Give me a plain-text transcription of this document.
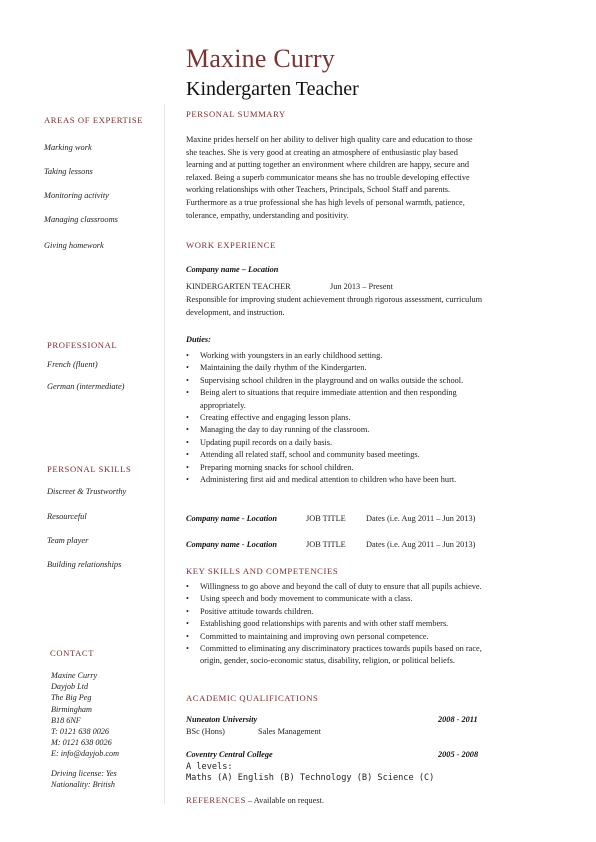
Maxine Curry
Kindergarten Teacher
AREAS OF EXPERTISE
Marking work
Taking lessons
Monitoring activity
Managing classrooms
Giving homework
PROFESSIONAL
French (fluent)
German (intermediate)
PERSONAL SKILLS
Discreet & Trustworthy
Resourceful
Team player
Building relationships
CONTACT
Maxine Curry
Dayjob Ltd
The Big Peg
Birmingham
B18 6NF
T: 0121 638 0026
M: 0121 638 0026
E: info@dayjob.com
Driving license: Yes
Nationality: British
PERSONAL SUMMARY
Maxine prides herself on her ability to deliver high quality care and education to those
she teaches. She is very good at creating an atmosphere of enthusiastic play based
learning and at putting together an environment where children are happy, secure and
relaxed. Being a superb communicator means she has no trouble developing effective
working relationships with other Teachers, Principals, School Staff and parents.
Furthermore as a true professional she has high levels of personal warmth, patience,
tolerance, empathy, understanding and positivity.
WORK EXPERIENCE
Company name – Location
KINDERGARTEN TEACHER	Jun 2013 – Present
Responsible for improving student achievement through rigorous assessment, curriculum
development, and instruction.
Duties:
• Working with youngsters in an early childhood setting.
• Maintaining the daily rhythm of the Kindergarten.
• Supervising school children in the playground and on walks outside the school.
• Being alert to situations that require immediate attention and then responding
appropriately.
• Creating effective and engaging lesson plans.
• Managing the day to day running of the classroom.
• Updating pupil records on a daily basis.
• Attending all related staff, school and community based meetings.
• Preparing morning snacks for school children.
• Administering first aid and medical attention to children who have been hurt.
Company name - Location	JOB TITLE Dates (i.e. Aug 2011 – Jun 2013)
Company name - Location	JOB TITLE Dates (i.e. Aug 2011 – Jun 2013)
KEY SKILLS AND COMPETENCIES
• Willingness to go above and beyond the call of duty to ensure that all pupils achieve.
• Using speech and body movement to communicate with a class.
• Positive attitude towards children.
• Establishing good relationships with parents and with other staff members.
• Committed to maintaining and improving own personal competence.
• Committed to eliminating any discriminatory practices towards pupils based on race,
origin, gender, socio-economic status, disability, religion, or political beliefs.
ACADEMIC QUALIFICATIONS
Nuneaton University	2008 - 2011
BSc (Hons)	Sales Management
Coventry Central College	2005 - 2008
A levels:
Maths (A) English (B) Technology (B) Science (C)
REFERENCES – Available on request.
